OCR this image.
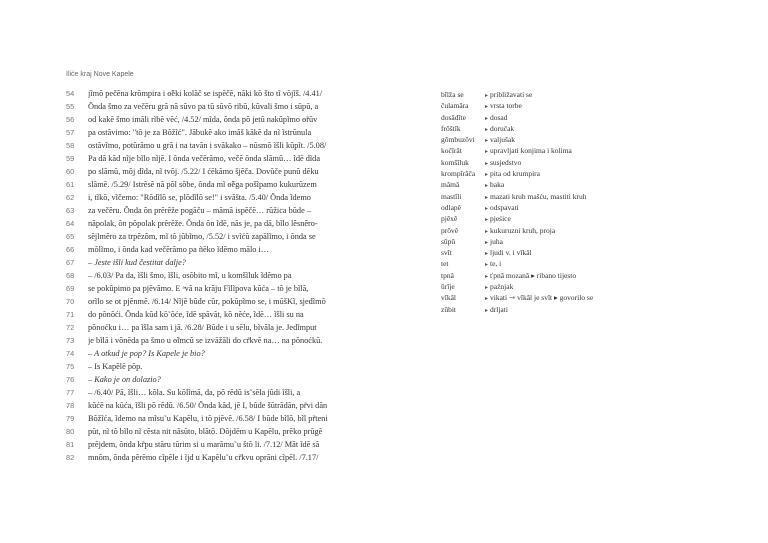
Iliće kraj Nove Kapele
54	jĩmõ pečẽna krõmpira i ɵ̃ẽki kolãč se ispẽčẽ, nãki kõ što tĩ võjĩš. /4.41/
55	Õnda šmo za večẽru grã nã sũvo pa tũ sũvõ ribũ, kũvali šmo i sũpũ, a
56	od kakẽ šmo imãli rĩbẽ vẽć, /4.52/ mĩda, õnda põ jetũ nakũpĩmo ɵ̃rũv
57	pa ostãvimo: "tõ je za Bõžĩć". Jãbukẽ ako imãš kãkẽ da nĩ ĩstrũnula
58	ostãvĩmo, potũrãmo u grã i na tavãn i svãkako – nũsmõ ĩšli kũpĩt. /5.08/
59	Pa dã kãd nĩje bĩlo nĩjẽ. I õnda večẽrãmo, večẽ õnda slãmũ… ĩdẽ dĩda
60	po slãmũ, mõj dĩda, nĩ tvõj. /5.22/ I ćẽkãmo šjẽča. Dovũče punũ dẽku
61	slãmẽ. /5.29/ Istrẽsẽ nã põl sõbe, õnda mĩ ɵ̃ẽga pošĩpamo kukurũzem
62	i, tĩkõ, vĩčemo: "Rõdĩlõ se, plõdĩlõ se!" i svãšta. /5.40/ Õnda ĩdemo
63	za večẽru. Õnda õn prẽrẽže pogãču – mãmã ispẽčẽ… rũžica bũde –
64	nãpolak, õn põpolak prẽrẽže. Õnda õn ĩdẽ, nãs je, pa dã, bĩlo lẽsnẽro-
65	sẽjlmẽro za trpẽzõm, mĩ tõ jũbĩmo, /5.52/ i svĩćũ zapãlĩmo, i õnda se
66	mõlĩmo, i õnda kad večẽrãmo pa ñẽko ĩdẽmo mãlo i…
67	– Jeste išli kud čestitat dalje?
68	– /6.03/ Pa da, ĩšli šmo, ĩšli, osõbito mĩ, u komšĩluk ĩdẽmo pa
69	se pokũpimo pa pjẽvãmo. E ᵊvã na krãju Fĩlĩpova kũća – tõ je bĩlã,
70	orĩlo se ot pjẽnmẽ. /6.14/ Nĩjẽ bũde cũr, pokũpĩmo se, i mũšKĩ, sjedĩmõ
71	do põnõći. Õnda kũd kõ˜õće, ĩdẽ spãvãt, kõ nẽće, ĩdẽ… ĩšli su na
72	põnoćku i… pa ĩšla sam i jã. /6.28/ Bũde i u sẽlu, bĩvãla je. Jedĩmput
73	je bĩlã i võnẽda pa šmo u ɵ̃ĩmcũ se izvãžãli do cr̃kvẽ na… na põnoćkũ.
74	– A otkud je pop? Is Kapele je bio?
75	– Is Kapẽlẽ põp.
76	– Kako je on dolazio?
77	– /6.40/ Pã, ĩšli… kõla. Su kõlĩmã, da, põ rẽdũ is˜sẽla jũdi ĩšli, a
78	kũćẽ na kũća, ĩšli põ rẽdũ. /6.50/ Õnda kãd, jẽ I, bũde šũtrãdãn, pr̃vi dãn
79	Bõžĩća, ĩdemo na mĩsu˜u Kapẽlu, i tõ pjẽvẽ. /6.58/ I bũde bĩlõ, bĩl pr̃teni
80	pũt, nĩ tõ bĩlo nĩ cẽsta nit nãsũto, blãtõ. Dõjdẽm u Kapẽlu, prẽko prũgẽ
81	prẽjdem, õnda kr̃pu stãru tũrim si u marãmu˜u štõ li. /7.12/ Mãt ĩdẽ sã
82	mnõm, õnda pẽrẽmo cĩpẽle i ĩjd u Kapẽlu˜u cr̃kvu oprãni cĩpẽl. /7.17/
bĩlža se	▸ približavati se
čulamãra	▸ vrsta torbe
dosãdĩte	▸ dosad
frõštĩk	▸ doručak
gõmbuzõvi	▸ valjušak
kočĩrãt	▸ upravljati konjima i kolima
komšĩluk	▸ susjedstvo
krompĩrãča	▸ pita od krumpira
mãmã	▸ baka
mastĩli	▸ mazati kruh mašću, mastiti kruh
odlapẽ	▸ odspavati
pjẽxẽ	▸ pjeśice
prõvẽ	▸ kukuruzni kruh, proja
sũpũ	▸ juha
svĩt	▸ ljudi v. i vĩkãl
tet	▸ te, i
tpnã	▸ ťpnã mozanã ▸ ribano tijesto
ũrĩje	▸ paźnjak
vĩkãl	▸ vikati ⇾ vĩkãl je svĩt ▸ govorilo se
zũbit	▸ drljati
